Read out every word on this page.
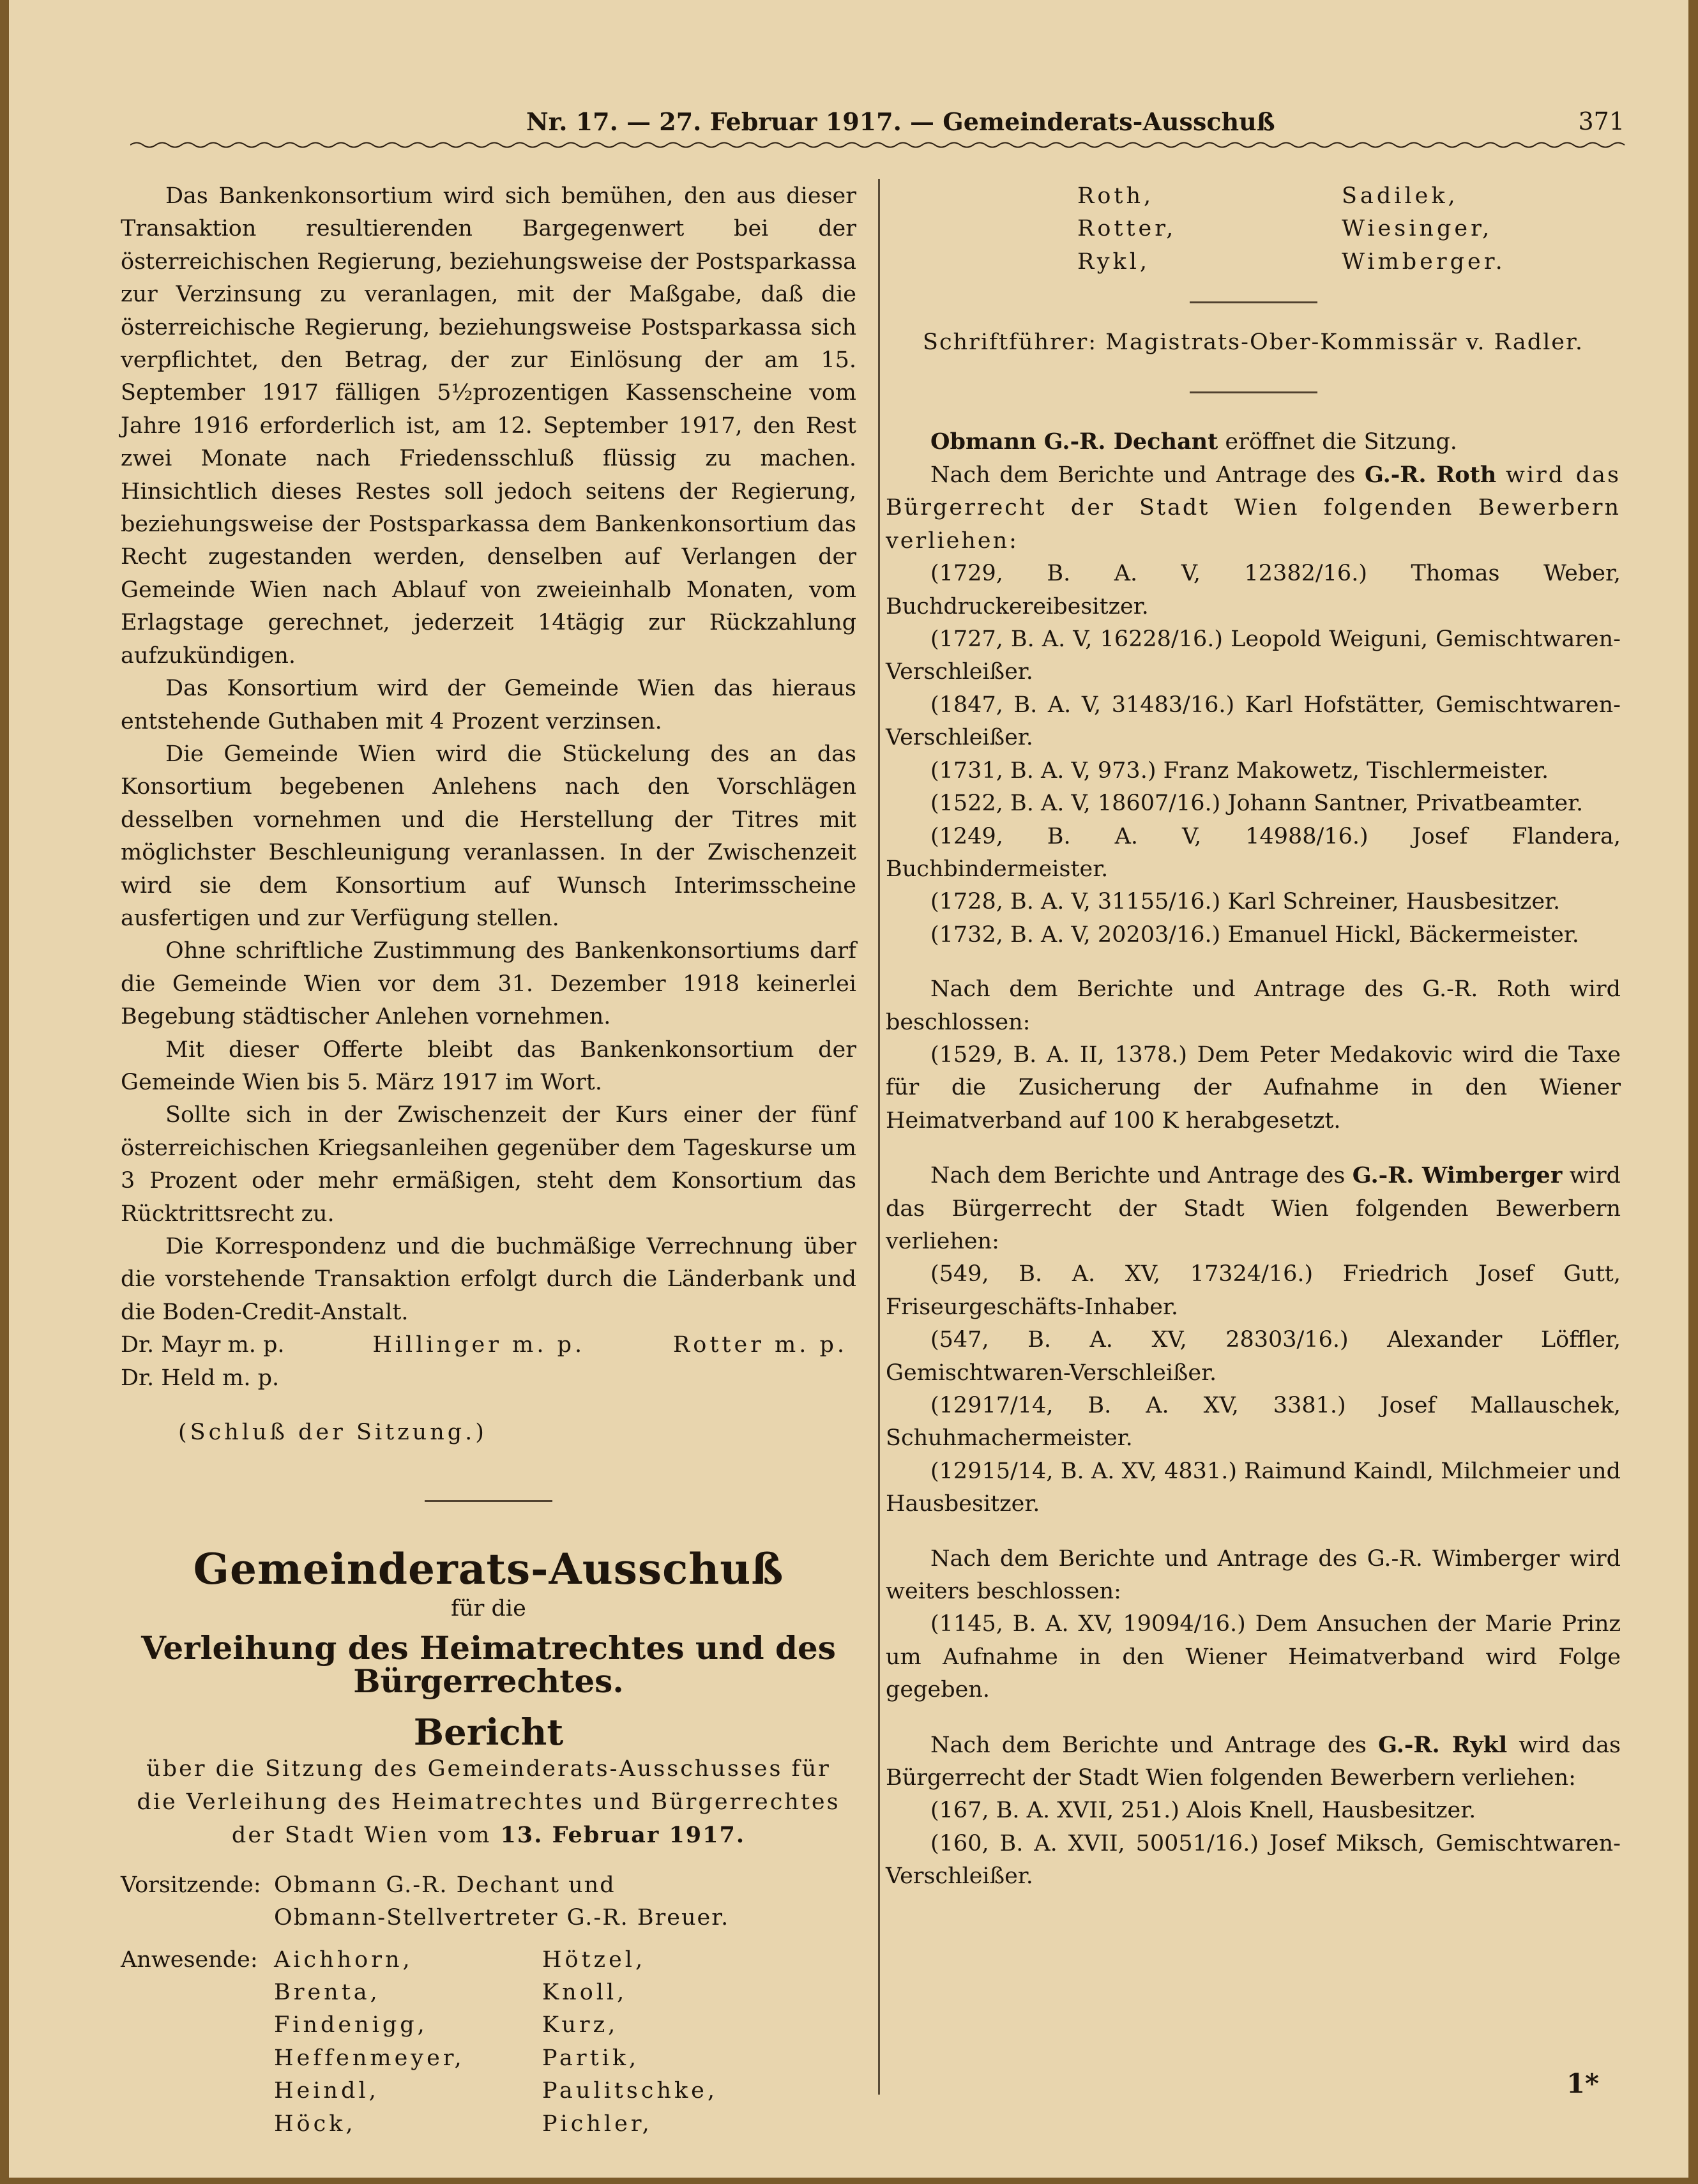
Nr. 17. — 27. Februar 1917. — Gemeinderats-Ausschuß	371

Das Bankenkonsortium wird sich bemühen, den aus dieser Transaktion resultierenden Bargegenwert bei der österreichischen Regierung, beziehungsweise der Postsparkassa zur Verzinsung zu veranlagen, mit der Maßgabe, daß die österreichische Regierung, beziehungsweise Postsparkassa sich verpflichtet, den Betrag, der zur Einlösung der am 15. September 1917 fälligen 5½prozentigen Kassenscheine vom Jahre 1916 erforderlich ist, am 12. September 1917, den Rest zwei Monate nach Friedensschluß flüssig zu machen. Hinsichtlich dieses Restes soll jedoch seitens der Regierung, beziehungsweise der Postsparkassa dem Bankenkonsortium das Recht zugestanden werden, denselben auf Verlangen der Gemeinde Wien nach Ablauf von zweieinhalb Monaten, vom Erlagstage gerechnet, jederzeit 14tägig zur Rückzahlung aufzukündigen.

Das Konsortium wird der Gemeinde Wien das hieraus entstehende Guthaben mit 4 Prozent verzinsen.

Die Gemeinde Wien wird die Stückelung des an das Konsortium begebenen Anlehens nach den Vorschlägen desselben vornehmen und die Herstellung der Titres mit möglichster Beschleunigung veranlassen. In der Zwischenzeit wird sie dem Konsortium auf Wunsch Interimsscheine ausfertigen und zur Verfügung stellen.

Ohne schriftliche Zustimmung des Bankenkonsortiums darf die Gemeinde Wien vor dem 31. Dezember 1918 keinerlei Begebung städtischer Anlehen vornehmen.

Mit dieser Offerte bleibt das Bankenkonsortium der Gemeinde Wien bis 5. März 1917 im Wort.

Sollte sich in der Zwischenzeit der Kurs einer der fünf österreichischen Kriegsanleihen gegenüber dem Tageskurse um 3 Prozent oder mehr ermäßigen, steht dem Konsortium das Rücktrittsrecht zu.

Die Korrespondenz und die buchmäßige Verrechnung über die vorstehende Transaktion erfolgt durch die Länderbank und die Boden-Credit-Anstalt.

Dr. Mayr m. p.	Hillinger m. p.	Rotter m. p.
Dr. Held m. p.

(Schluß der Sitzung.)

Gemeinderats-Ausschuß
für die
Verleihung des Heimatrechtes und des Bürgerrechtes.
Bericht
über die Sitzung des Gemeinderats-Ausschusses für
die Verleihung des Heimatrechtes und Bürgerrechtes
der Stadt Wien vom 13. Februar 1917.
Vorsitzende: Obmann G.-R. Dechant und
Obmann-Stellvertreter G.-R. Breuer.
Anwesende: Aichhorn,	Hötzel,
Brenta,	Knoll,
Findenigg,	Kurz,
Heffenmeyer,	Partik,
Heindl,	Paulitschke,
Höck,	Pichler,
Roth,	Sadilek,
Rotter,	Wiesinger,
Rykl,	Wimberger.

Schriftführer: Magistrats-Ober-Kommissär v. Radler.

Obmann G.-R. Dechant eröffnet die Sitzung.

Nach dem Berichte und Antrage des G.-R. Roth wird das Bürgerrecht der Stadt Wien folgenden Bewerbern verliehen:

(1729, B. A. V, 12382/16.) Thomas Weber, Buchdruckereibesitzer.

(1727, B. A. V, 16228/16.) Leopold Weiguni, Gemischtwaren-Verschleißer.

(1847, B. A. V, 31483/16.) Karl Hofstätter, Gemischtwaren-Verschleißer.

(1731, B. A. V, 973.) Franz Makowetz, Tischlermeister.

(1522, B. A. V, 18607/16.) Johann Santner, Privatbeamter.

(1249, B. A. V, 14988/16.) Josef Flandera, Buchbindermeister.

(1728, B. A. V, 31155/16.) Karl Schreiner, Hausbesitzer.

(1732, B. A. V, 20203/16.) Emanuel Hickl, Bäckermeister.

Nach dem Berichte und Antrage des G.-R. Roth wird beschlossen:

(1529, B. A. II, 1378.) Dem Peter Medakovic wird die Taxe für die Zusicherung der Aufnahme in den Wiener Heimatverband auf 100 K herabgesetzt.

Nach dem Berichte und Antrage des G.-R. Wimberger wird das Bürgerrecht der Stadt Wien folgenden Bewerbern verliehen:

(549, B. A. XV, 17324/16.) Friedrich Josef Gutt, Friseurgeschäfts-Inhaber.

(547, B. A. XV, 28303/16.) Alexander Löffler, Gemischtwaren-Verschleißer.

(12917/14, B. A. XV, 3381.) Josef Mallauschek, Schuhmachermeister.

(12915/14, B. A. XV, 4831.) Raimund Kaindl, Milchmeier und Hausbesitzer.

Nach dem Berichte und Antrage des G.-R. Wimberger wird weiters beschlossen:

(1145, B. A. XV, 19094/16.) Dem Ansuchen der Marie Prinz um Aufnahme in den Wiener Heimatverband wird Folge gegeben.

Nach dem Berichte und Antrage des G.-R. Rykl wird das Bürgerrecht der Stadt Wien folgenden Bewerbern verliehen:

(167, B. A. XVII, 251.) Alois Knell, Hausbesitzer.

(160, B. A. XVII, 50051/16.) Josef Miksch, Gemischtwaren-Verschleißer.

1*
